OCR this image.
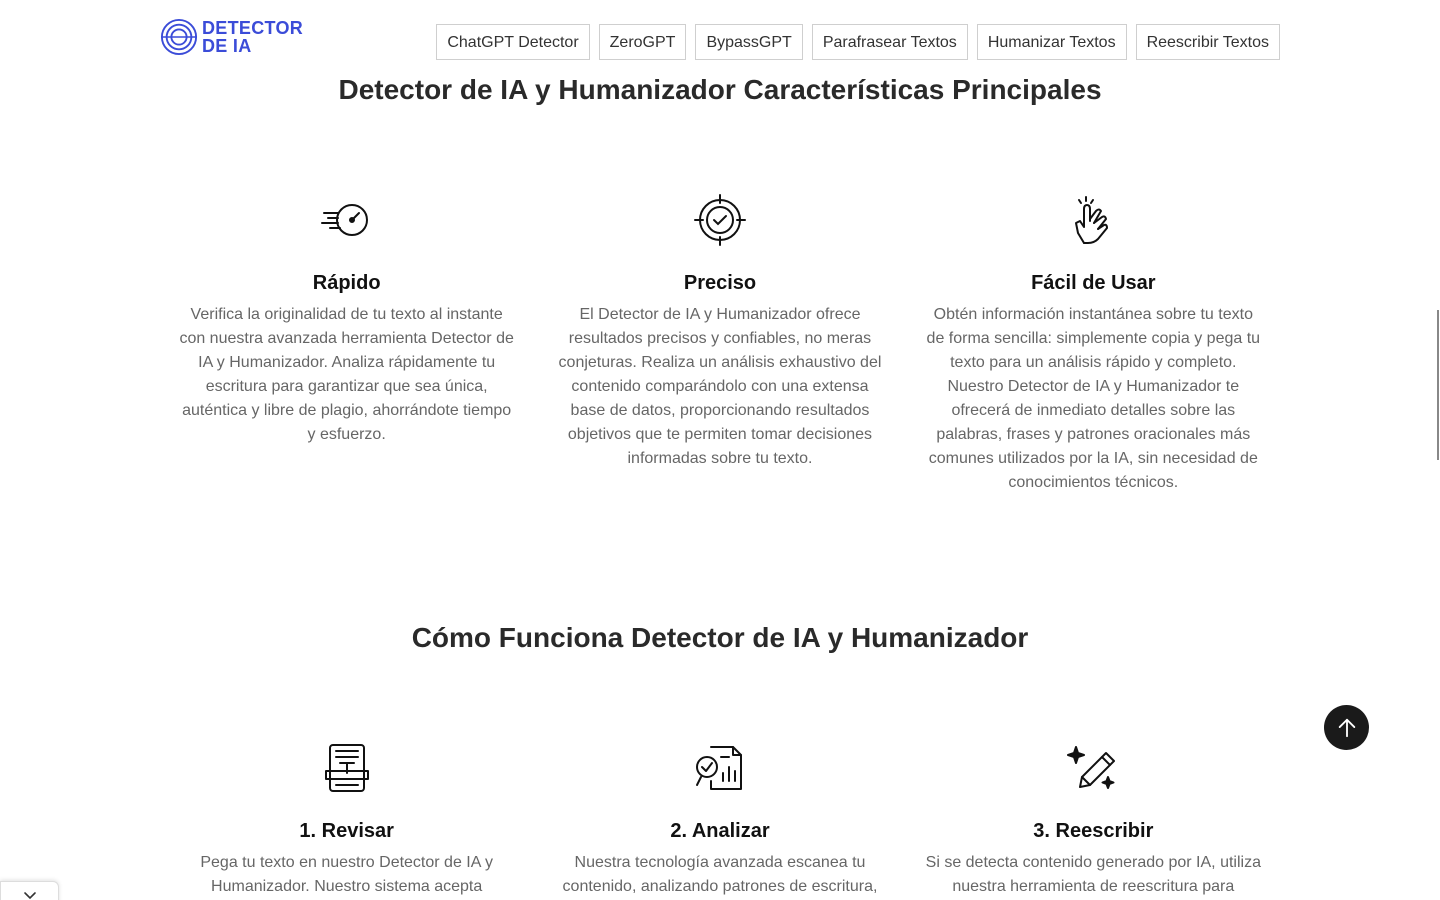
DETECTOR
DE IA	ChatGPT Detector	ZeroGPT	BypassGPT	Parafrasear Textos	Humanizar Textos	Reescribir Textos
Detector de IA y Humanizador Características Principales
Rápido

Verifica la originalidad de tu texto al instante con nuestra avanzada herramienta Detector de IA y Humanizador. Analiza rápidamente tu escritura para garantizar que sea única, auténtica y libre de plagio, ahorrándote tiempo y esfuerzo.

Preciso

El Detector de IA y Humanizador ofrece resultados precisos y confiables, no meras conjeturas. Realiza un análisis exhaustivo del contenido comparándolo con una extensa base de datos, proporcionando resultados objetivos que te permiten tomar decisiones informadas sobre tu texto.

Fácil de Usar

Obtén información instantánea sobre tu texto de forma sencilla: simplemente copia y pega tu texto para un análisis rápido y completo. Nuestro Detector de IA y Humanizador te ofrecerá de inmediato detalles sobre las palabras, frases y patrones oracionales más comunes utilizados por la IA, sin necesidad de conocimientos técnicos.

Cómo Funciona Detector de IA y Humanizador
1. Revisar

Pega tu texto en nuestro Detector de IA y Humanizador. Nuestro sistema acepta

2. Analizar

Nuestra tecnología avanzada escanea tu contenido, analizando patrones de escritura,

3. Reescribir

Si se detecta contenido generado por IA, utiliza nuestra herramienta de reescritura para
